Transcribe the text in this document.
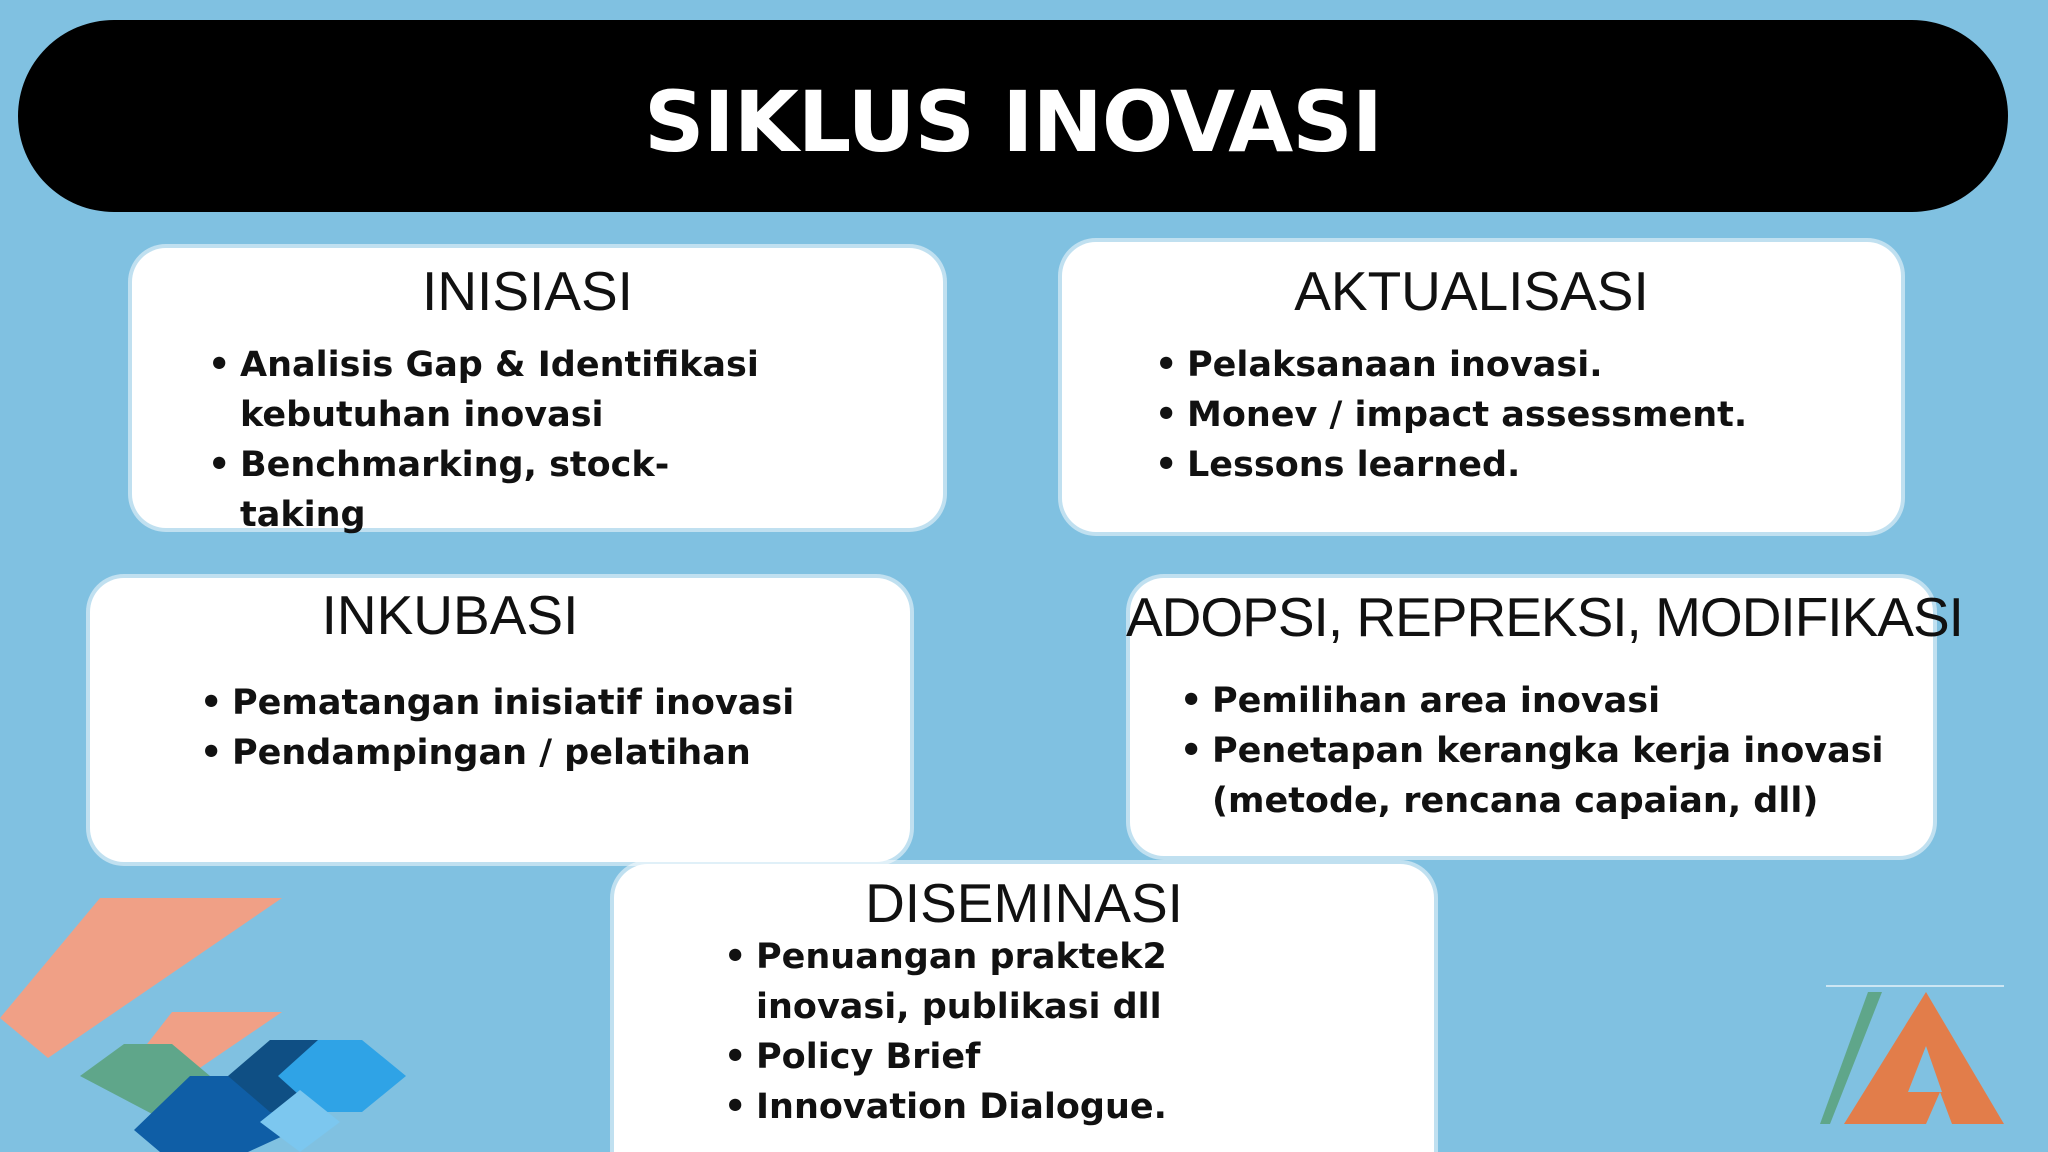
SIKLUS INOVASI
INISIASI
• Analisis Gap & Identifikasi kebutuhan inovasi
• Benchmarking, stock-taking
AKTUALISASI
• Pelaksanaan inovasi.
• Monev / impact assessment.
• Lessons learned.
INKUBASI
• Pematangan inisiatif inovasi
• Pendampingan / pelatihan
• Pemilihan area inovasi
• Penetapan kerangka kerja inovasi (metode, rencana capaian, dll)
ADOPSI, REPREKSI, MODIFIKASI
DISEMINASI
• Penuangan praktek2 inovasi, publikasi dll
• Policy Brief
• Innovation Dialogue.
